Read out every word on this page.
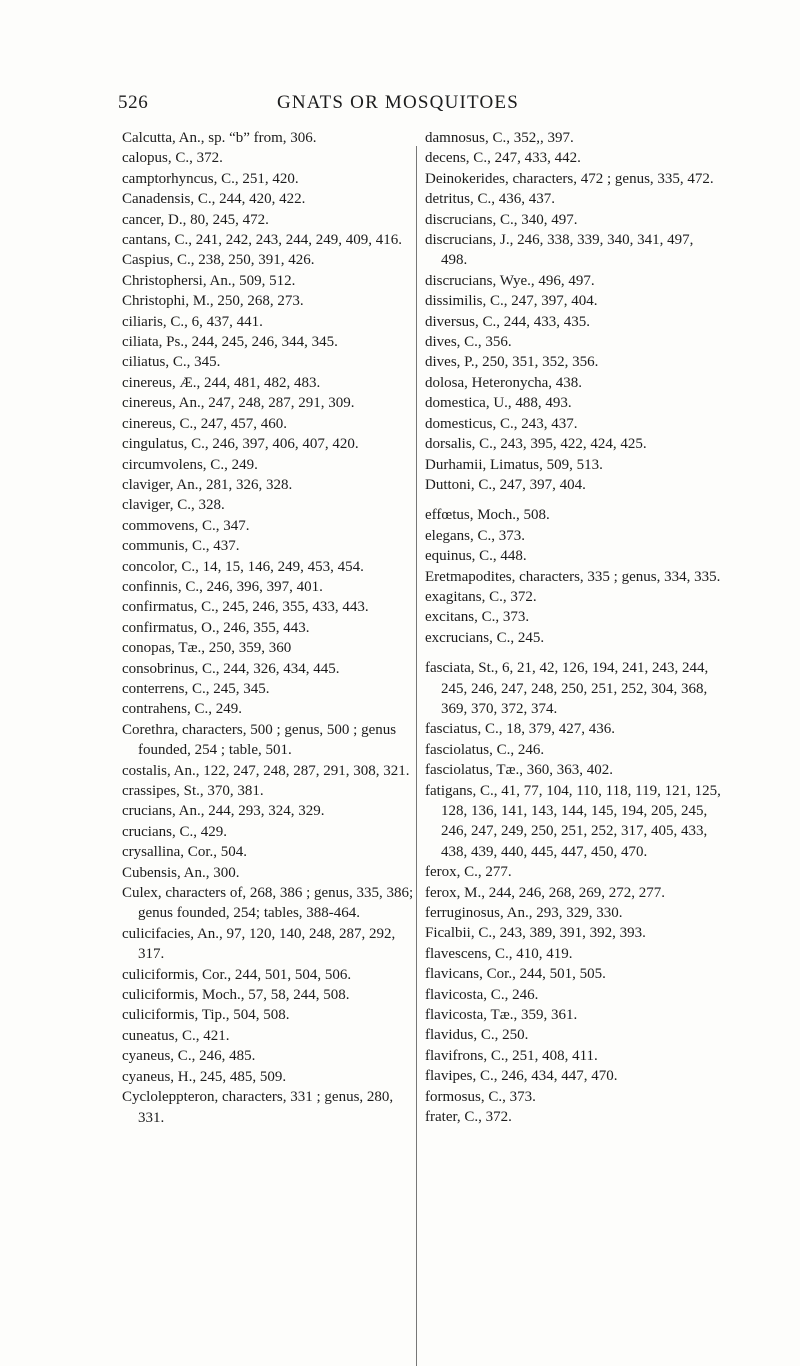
526	GNATS OR MOSQUITOES

Calcutta, An., sp. “b” from, 306.

calopus, C., 372.

camptorhyncus, C., 251, 420.

Canadensis, C., 244, 420, 422.

cancer, D., 80, 245, 472.

cantans, C., 241, 242, 243, 244, 249, 409, 416.

Caspius, C., 238, 250, 391, 426.

Christophersi, An., 509, 512.

Christophi, M., 250, 268, 273.

ciliaris, C., 6, 437, 441.

ciliata, Ps., 244, 245, 246, 344, 345.

ciliatus, C., 345.

cinereus, Æ., 244, 481, 482, 483.

cinereus, An., 247, 248, 287, 291, 309.

cinereus, C., 247, 457, 460.

cingulatus, C., 246, 397, 406, 407, 420.

circumvolens, C., 249.

claviger, An., 281, 326, 328.

claviger, C., 328.

commovens, C., 347.

communis, C., 437.

concolor, C., 14, 15, 146, 249, 453, 454.

confinnis, C., 246, 396, 397, 401.

confirmatus, C., 245, 246, 355, 433, 443.

confirmatus, O., 246, 355, 443.

conopas, Tæ., 250, 359, 360

consobrinus, C., 244, 326, 434, 445.

conterrens, C., 245, 345.

contrahens, C., 249.

Corethra, characters, 500 ; genus, 500 ; genus founded, 254 ; table, 501.

costalis, An., 122, 247, 248, 287, 291, 308, 321.

crassipes, St., 370, 381.

crucians, An., 244, 293, 324, 329.

crucians, C., 429.

crysallina, Cor., 504.

Cubensis, An., 300.

Culex, characters of, 268, 386 ; genus, 335, 386; genus founded, 254; tables, 388-464.

culicifacies, An., 97, 120, 140, 248, 287, 292, 317.

culiciformis, Cor., 244, 501, 504, 506.

culiciformis, Moch., 57, 58, 244, 508.

culiciformis, Tip., 504, 508.

cuneatus, C., 421.

cyaneus, C., 246, 485.

cyaneus, H., 245, 485, 509.

Cycloleppteron, characters, 331 ; genus, 280, 331.

damnosus, C., 352,, 397.

decens, C., 247, 433, 442.

Deinokerides, characters, 472 ; genus, 335, 472.

detritus, C., 436, 437.

discrucians, C., 340, 497.

discrucians, J., 246, 338, 339, 340, 341, 497, 498.

discrucians, Wye., 496, 497.

dissimilis, C., 247, 397, 404.

diversus, C., 244, 433, 435.

dives, C., 356.

dives, P., 250, 351, 352, 356.

dolosa, Heteronycha, 438.

domestica, U., 488, 493.

domesticus, C., 243, 437.

dorsalis, C., 243, 395, 422, 424, 425.

Durhamii, Limatus, 509, 513.

Duttoni, C., 247, 397, 404.

effœtus, Moch., 508.

elegans, C., 373.

equinus, C., 448.

Eretmapodites, characters, 335 ; genus, 334, 335.

exagitans, C., 372.

excitans, C., 373.

excrucians, C., 245.

fasciata, St., 6, 21, 42, 126, 194, 241, 243, 244, 245, 246, 247, 248, 250, 251, 252, 304, 368, 369, 370, 372, 374.

fasciatus, C., 18, 379, 427, 436.

fasciolatus, C., 246.

fasciolatus, Tæ., 360, 363, 402.

fatigans, C., 41, 77, 104, 110, 118, 119, 121, 125, 128, 136, 141, 143, 144, 145, 194, 205, 245, 246, 247, 249, 250, 251, 252, 317, 405, 433, 438, 439, 440, 445, 447, 450, 470.

ferox, C., 277.

ferox, M., 244, 246, 268, 269, 272, 277.

ferruginosus, An., 293, 329, 330.

Ficalbii, C., 243, 389, 391, 392, 393.

flavescens, C., 410, 419.

flavicans, Cor., 244, 501, 505.

flavicosta, C., 246.

flavicosta, Tæ., 359, 361.

flavidus, C., 250.

flavifrons, C., 251, 408, 411.

flavipes, C., 246, 434, 447, 470.

formosus, C., 373.

frater, C., 372.
